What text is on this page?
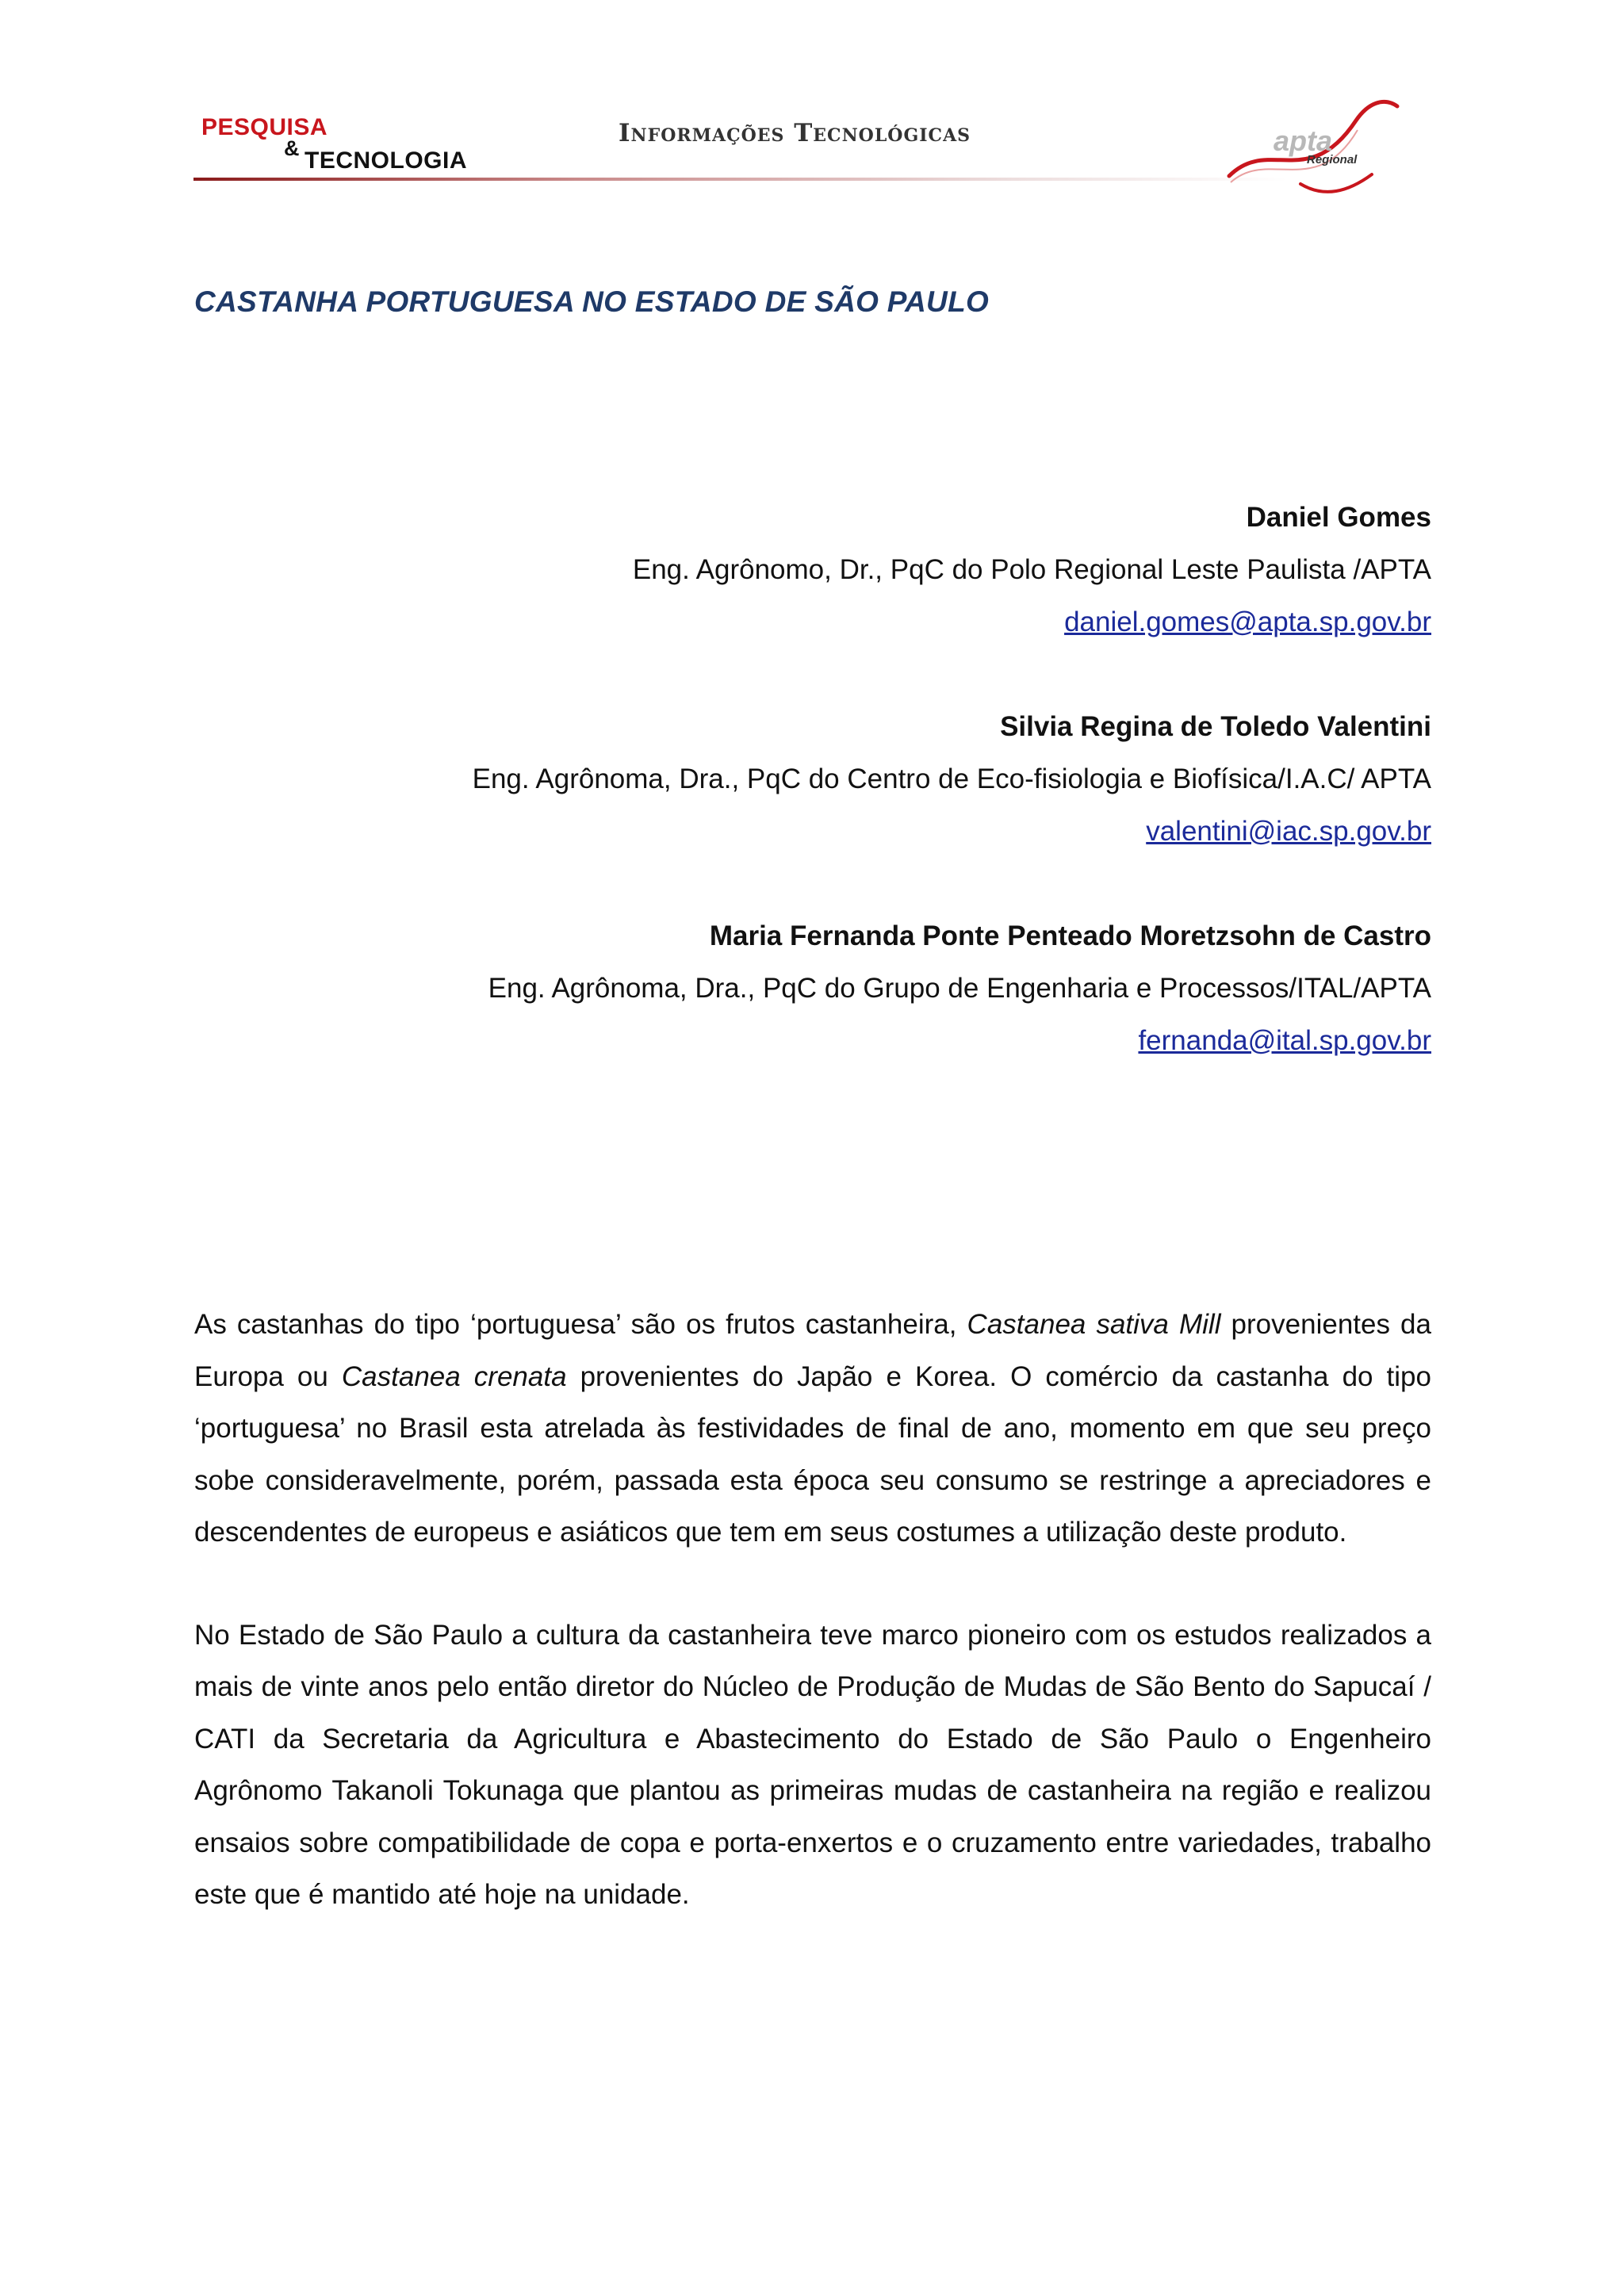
PESQUISA
& TECNOLOGIA
Informações Tecnológicas	apta
Regional
CASTANHA PORTUGUESA NO ESTADO DE SÃO PAULO
Daniel Gomes
Eng. Agrônomo, Dr., PqC do Polo Regional Leste Paulista /APTA
daniel.gomes@apta.sp.gov.br
Silvia Regina de Toledo Valentini
Eng. Agrônoma, Dra., PqC do Centro de Eco-fisiologia e Biofísica/I.A.C/ APTA
valentini@iac.sp.gov.br
Maria Fernanda Ponte Penteado Moretzsohn de Castro
Eng. Agrônoma, Dra., PqC do Grupo de Engenharia e Processos/ITAL/APTA
fernanda@ital.sp.gov.br

As castanhas do tipo ‘portuguesa’ são os frutos castanheira, Castanea sativa Mill provenientes da Europa ou Castanea crenata provenientes do Japão e Korea. O comércio da castanha do tipo ‘portuguesa’ no Brasil esta atrelada às festividades de final de ano, momento em que seu preço sobe consideravelmente, porém, passada esta época seu consumo se restringe a apreciadores e descendentes de europeus e asiáticos que tem em seus costumes a utilização deste produto.

No Estado de São Paulo a cultura da castanheira teve marco pioneiro com os estudos realizados a mais de vinte anos pelo então diretor do Núcleo de Produção de Mudas de São Bento do Sapucaí / CATI da Secretaria da Agricultura e Abastecimento do Estado de São Paulo o Engenheiro Agrônomo Takanoli Tokunaga que plantou as primeiras mudas de castanheira na região e realizou ensaios sobre compatibilidade de copa e porta-enxertos e o cruzamento entre variedades, trabalho este que é mantido até hoje na unidade.
